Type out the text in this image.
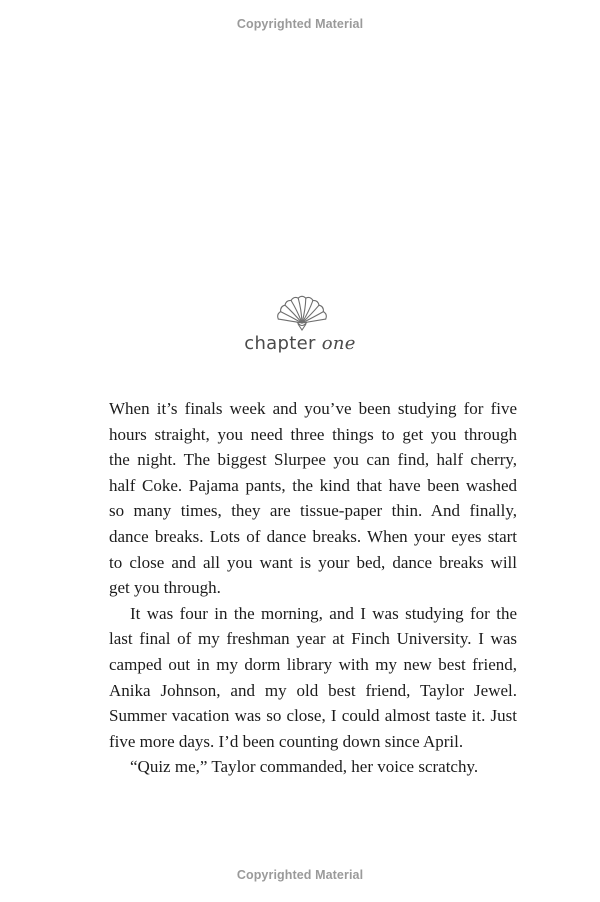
Copyrighted Material
chapter one
When it’s finals week and you’ve been studying for five
hours straight, you need three things to get you through
the night. The biggest Slurpee you can find, half cherry,
half Coke. Pajama pants, the kind that have been washed
so many times, they are tissue-paper thin. And finally,
dance breaks. Lots of dance breaks. When your eyes start
to close and all you want is your bed, dance breaks will
get you through.
It was four in the morning, and I was studying for the
last final of my freshman year at Finch University. I was
camped out in my dorm library with my new best friend,
Anika Johnson, and my old best friend, Taylor Jewel.
Summer vacation was so close, I could almost taste it. Just
five more days. I’d been counting down since April.
“Quiz me,” Taylor commanded, her voice scratchy.
Copyrighted Material
